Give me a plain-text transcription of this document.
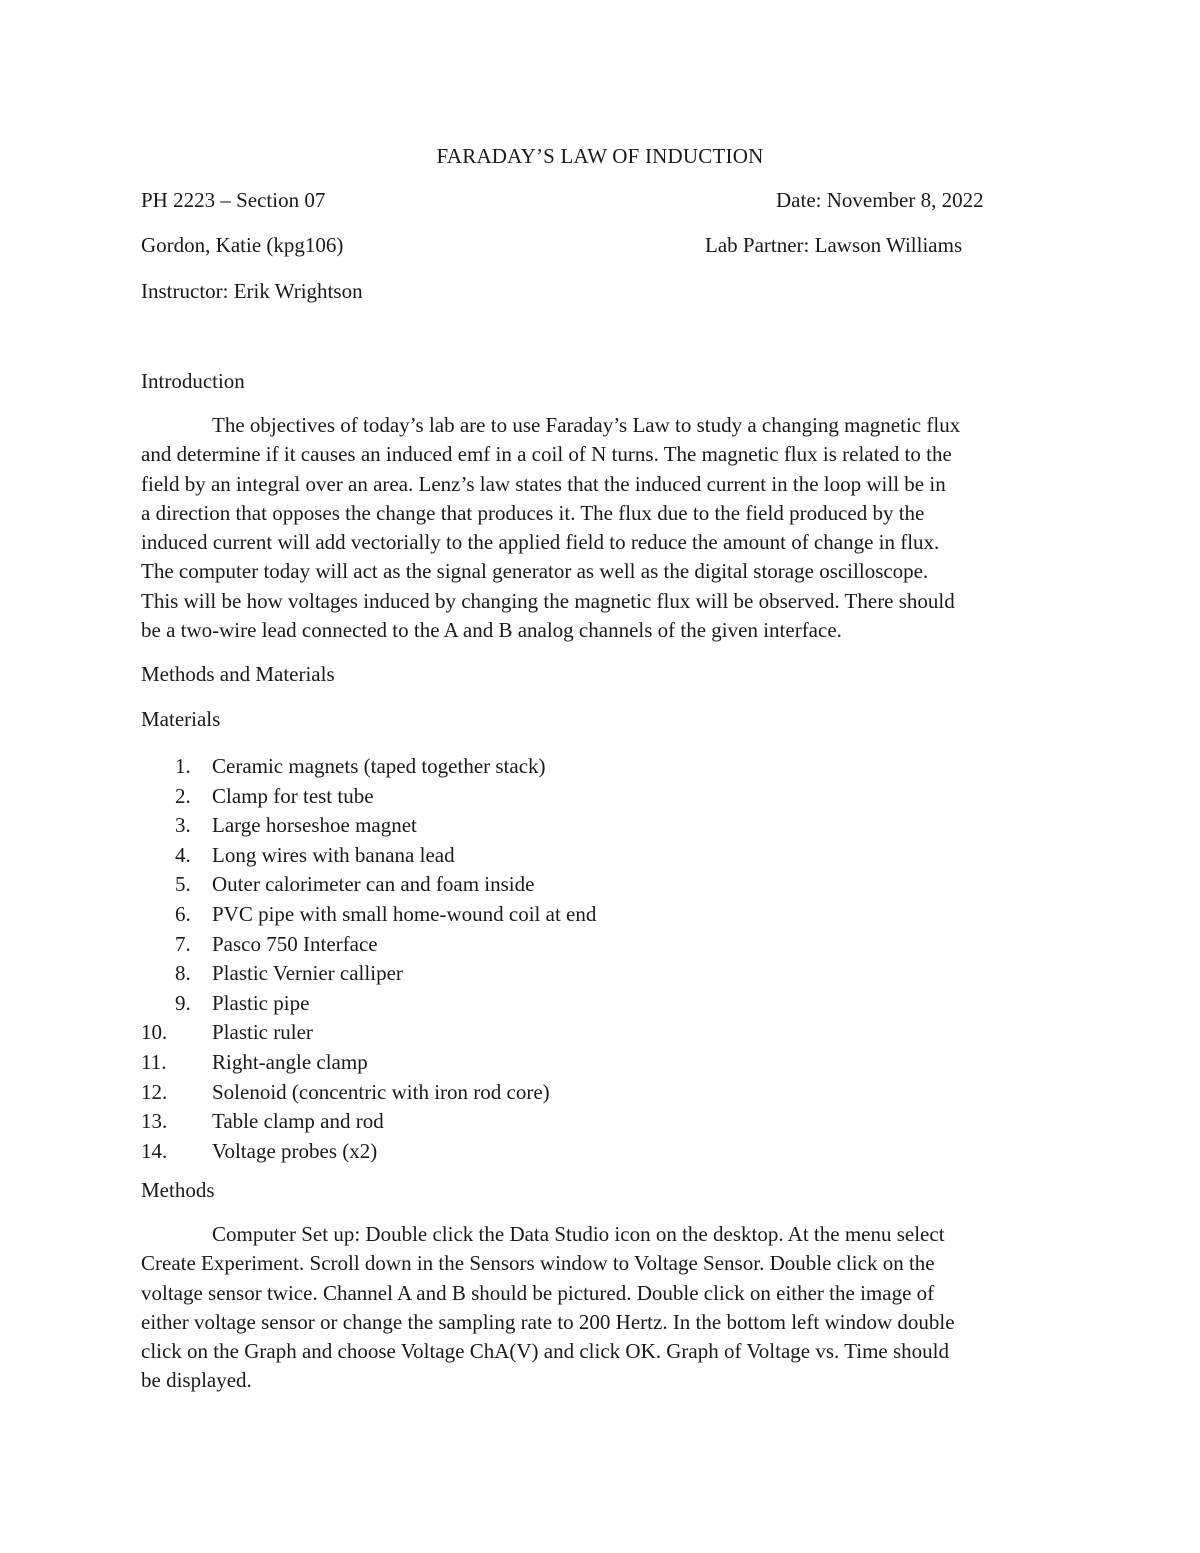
FARADAY’S LAW OF INDUCTION
PH 2223 – Section 07	Date: November 8, 2022
Gordon, Katie (kpg106)	Lab Partner: Lawson Williams
Instructor: Erik Wrightson
Introduction
The objectives of today’s lab are to use Faraday’s Law to study a changing magnetic flux
and determine if it causes an induced emf in a coil of N turns. The magnetic flux is related to the
field by an integral over an area. Lenz’s law states that the induced current in the loop will be in
a direction that opposes the change that produces it. The flux due to the field produced by the
induced current will add vectorially to the applied field to reduce the amount of change in flux.
The computer today will act as the signal generator as well as the digital storage oscilloscope.
This will be how voltages induced by changing the magnetic flux will be observed. There should
be a two-wire lead connected to the A and B analog channels of the given interface.
Methods and Materials
Materials
1.	Ceramic magnets (taped together stack)
2.	Clamp for test tube
3.	Large horseshoe magnet
4.	Long wires with banana lead
5.	Outer calorimeter can and foam inside
6.	PVC pipe with small home-wound coil at end
7.	Pasco 750 Interface
8.	Plastic Vernier calliper
9.	Plastic pipe
10.	Plastic ruler
11.	Right-angle clamp
12.	Solenoid (concentric with iron rod core)
13.	Table clamp and rod
14.	Voltage probes (x2)
Methods
Computer Set up: Double click the Data Studio icon on the desktop. At the menu select
Create Experiment. Scroll down in the Sensors window to Voltage Sensor. Double click on the
voltage sensor twice. Channel A and B should be pictured. Double click on either the image of
either voltage sensor or change the sampling rate to 200 Hertz. In the bottom left window double
click on the Graph and choose Voltage ChA(V) and click OK. Graph of Voltage vs. Time should
be displayed.
